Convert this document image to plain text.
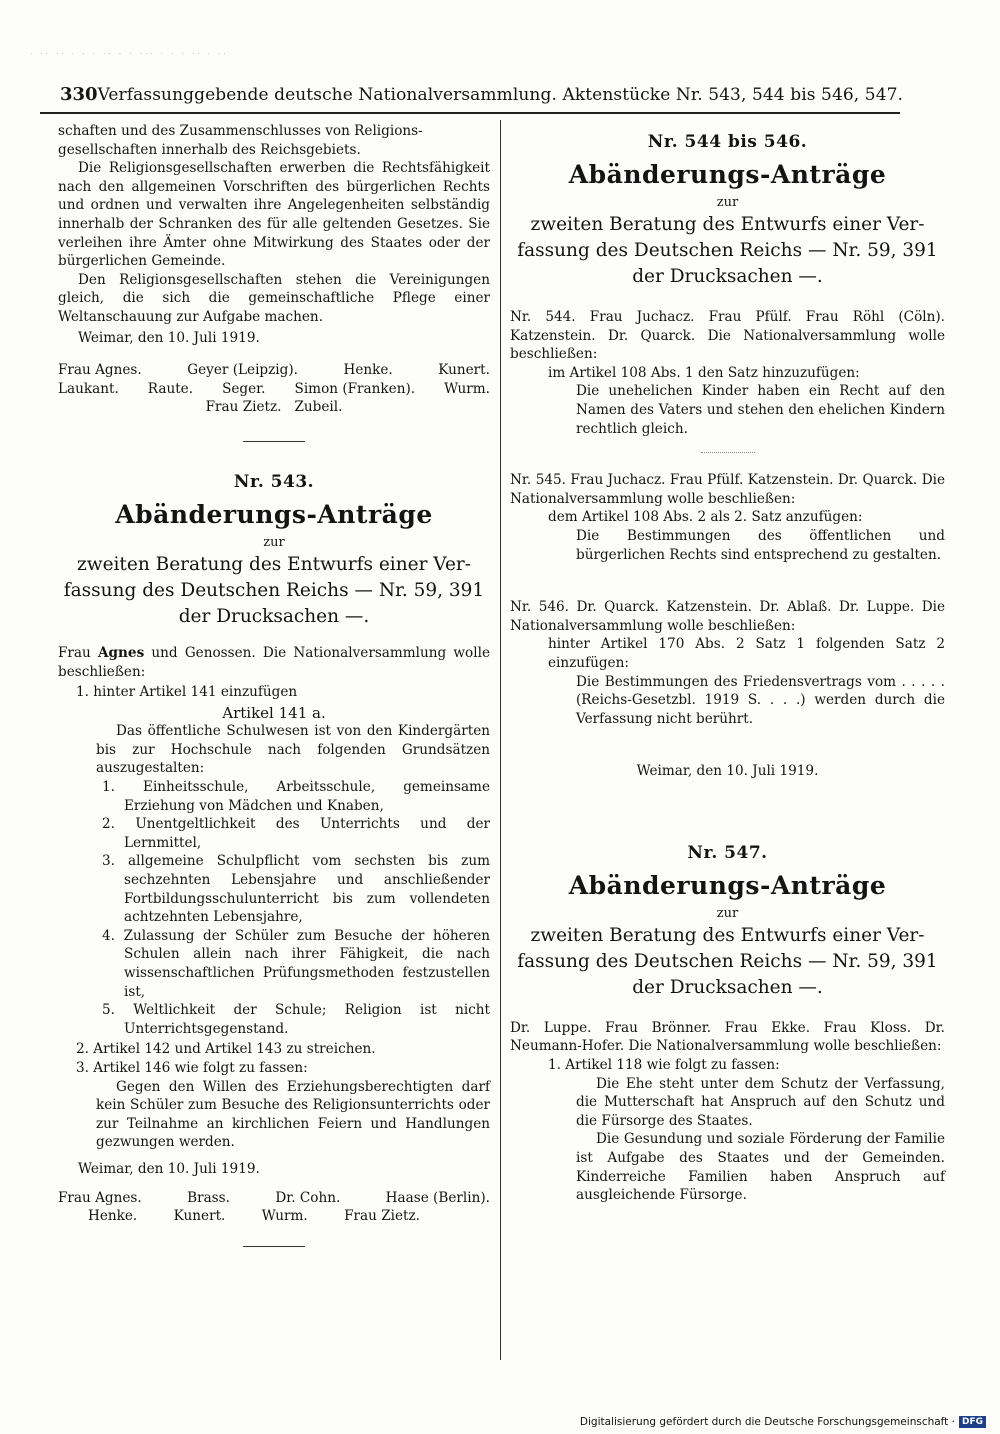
· ·· ·· · · · ·· · · ··· · · · ·· · ··
330 Verfassunggebende deutsche Nationalversammlung. Aktenstücke Nr. 543, 544 bis 546, 547.
schaften und des Zusammenschlusses von Religions-
gesellschaften innerhalb des Reichsgebiets.
Die Religionsgesellschaften erwerben die Rechtsfähigkeit nach den allgemeinen Vorschriften des bürgerlichen Rechts und ordnen und verwalten ihre Angelegenheiten selbständig innerhalb der Schranken des für alle geltenden Gesetzes. Sie verleihen ihre Ämter ohne Mitwirkung des Staates oder der bürgerlichen Gemeinde.
Den Religionsgesellschaften stehen die Vereinigungen gleich, die sich die gemeinschaftliche Pflege einer Weltanschauung zur Aufgabe machen.
Weimar, den 10. Juli 1919.
Frau Agnes.	Geyer (Leipzig).	Henke.	Kunert.
Laukant. Raute. Seger. Simon (Franken). Wurm.
Frau Zietz. Zubeil.
Nr. 543.
Abänderungs-Anträge
zur
zweiten Beratung des Entwurfs einer Ver-
fassung des Deutschen Reichs — Nr. 59, 391
der Drucksachen —.
Frau Agnes und Genossen. Die Nationalversammlung wolle beschließen:
1. hinter Artikel 141 einzufügen
Artikel 141 a.
Das öffentliche Schulwesen ist von den Kindergärten bis zur Hochschule nach folgenden Grundsätzen auszugestalten:
1. Einheitsschule, Arbeitsschule, gemeinsame Erziehung von Mädchen und Knaben,
2. Unentgeltlichkeit des Unterrichts und der Lernmittel,
3. allgemeine Schulpflicht vom sechsten bis zum sechzehnten Lebensjahre und anschließender Fortbildungsschulunterricht bis zum vollendeten achtzehnten Lebensjahre,
4. Zulassung der Schüler zum Besuche der höheren Schulen allein nach ihrer Fähigkeit, die nach wissenschaftlichen Prüfungsmethoden festzustellen ist,
5. Weltlichkeit der Schule; Religion ist nicht Unterrichtsgegenstand.
2. Artikel 142 und Artikel 143 zu streichen.
3. Artikel 146 wie folgt zu fassen:
Gegen den Willen des Erziehungsberechtigten darf kein Schüler zum Besuche des Religionsunterrichts oder zur Teilnahme an kirchlichen Feiern und Handlungen gezwungen werden.
Weimar, den 10. Juli 1919.
Frau Agnes.	Brass.	Dr. Cohn.	Haase (Berlin).
Henke.	Kunert.	Wurm.	Frau Zietz.
Nr. 544 bis 546.
Abänderungs-Anträge
zur
zweiten Beratung des Entwurfs einer Ver-
fassung des Deutschen Reichs — Nr. 59, 391
der Drucksachen —.
Nr. 544. Frau Juchacz. Frau Pfülf. Frau Röhl (Cöln). Katzenstein. Dr. Quarck. Die Nationalversammlung wolle beschließen:
im Artikel 108 Abs. 1 den Satz hinzuzufügen:
Die unehelichen Kinder haben ein Recht auf den Namen des Vaters und stehen den ehelichen Kindern rechtlich gleich.
Nr. 545. Frau Juchacz. Frau Pfülf. Katzenstein. Dr. Quarck. Die Nationalversammlung wolle beschließen:
dem Artikel 108 Abs. 2 als 2. Satz anzufügen:
Die Bestimmungen des öffentlichen und bürgerlichen Rechts sind entsprechend zu gestalten.
Nr. 546. Dr. Quarck. Katzenstein. Dr. Ablaß. Dr. Luppe. Die Nationalversammlung wolle beschließen:
hinter Artikel 170 Abs. 2 Satz 1 folgenden Satz 2 einzufügen:
Die Bestimmungen des Friedensvertrags vom . . . . . (Reichs-Gesetzbl. 1919 S. . . .) werden durch die Verfassung nicht berührt.
Weimar, den 10. Juli 1919.
Nr. 547.
Abänderungs-Anträge
zur
zweiten Beratung des Entwurfs einer Ver-
fassung des Deutschen Reichs — Nr. 59, 391
der Drucksachen —.
Dr. Luppe. Frau Brönner. Frau Ekke. Frau Kloss. Dr. Neumann-Hofer. Die Nationalversammlung wolle beschließen:
1. Artikel 118 wie folgt zu fassen:
Die Ehe steht unter dem Schutz der Verfassung, die Mutterschaft hat Anspruch auf den Schutz und die Fürsorge des Staates.
Die Gesundung und soziale Förderung der Familie ist Aufgabe des Staates und der Gemeinden. Kinderreiche Familien haben Anspruch auf ausgleichende Fürsorge.
Digitalisierung gefördert durch die Deutsche Forschungsgemeinschaft · DFG
